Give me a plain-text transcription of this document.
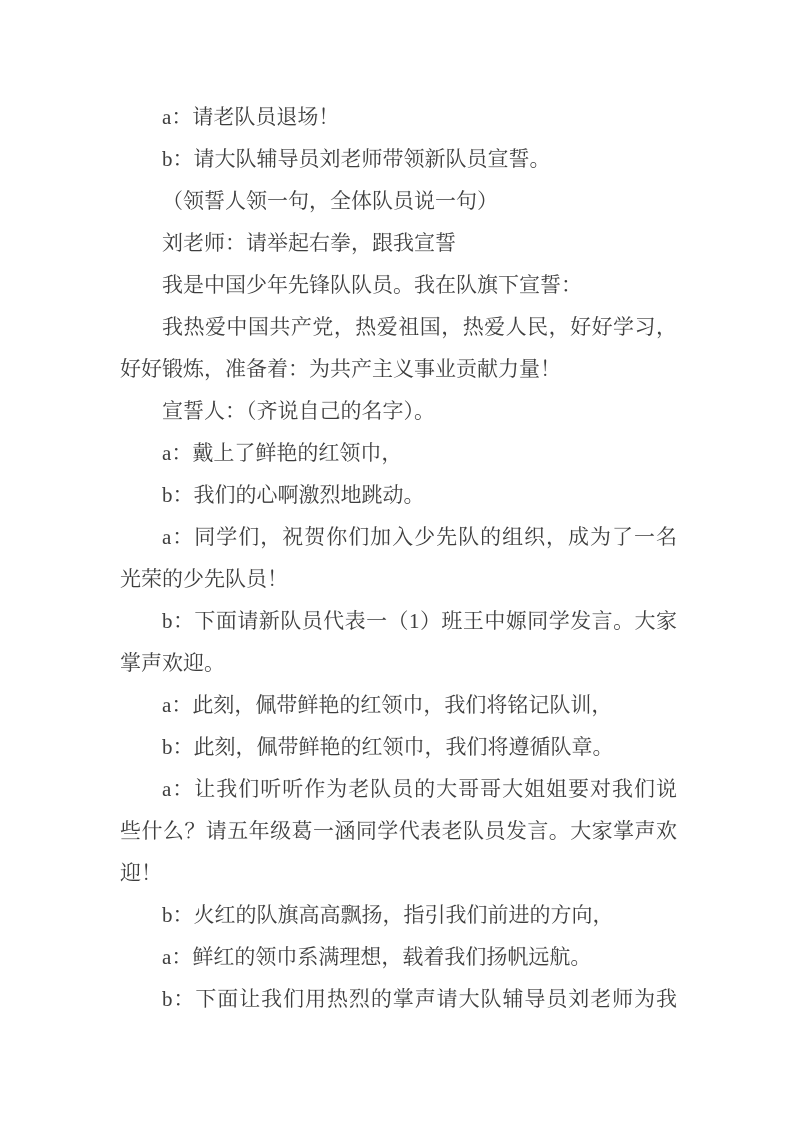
a：请老队员退场！
b：请大队辅导员刘老师带领新队员宣誓。
（领誓人领一句，全体队员说一句）
刘老师：请举起右拳，跟我宣誓
我是中国少年先锋队队员。我在队旗下宣誓：
我热爱中国共产党，热爱祖国，热爱人民，好好学习，
好好锻炼，准备着：为共产主义事业贡献力量！
宣誓人：（齐说自己的名字）。
a：戴上了鲜艳的红领巾，
b：我们的心啊激烈地跳动。
a：同学们，祝贺你们加入少先队的组织，成为了一名
光荣的少先队员！
b：下面请新队员代表一（1）班王中嫄同学发言。大家
掌声欢迎。
a：此刻，佩带鲜艳的红领巾，我们将铭记队训，
b：此刻，佩带鲜艳的红领巾，我们将遵循队章。
a：让我们听听作为老队员的大哥哥大姐姐要对我们说
些什么？请五年级葛一涵同学代表老队员发言。大家掌声欢
迎！
b：火红的队旗高高飘扬，指引我们前进的方向，
a：鲜红的领巾系满理想，载着我们扬帆远航。
b：下面让我们用热烈的掌声请大队辅导员刘老师为我
